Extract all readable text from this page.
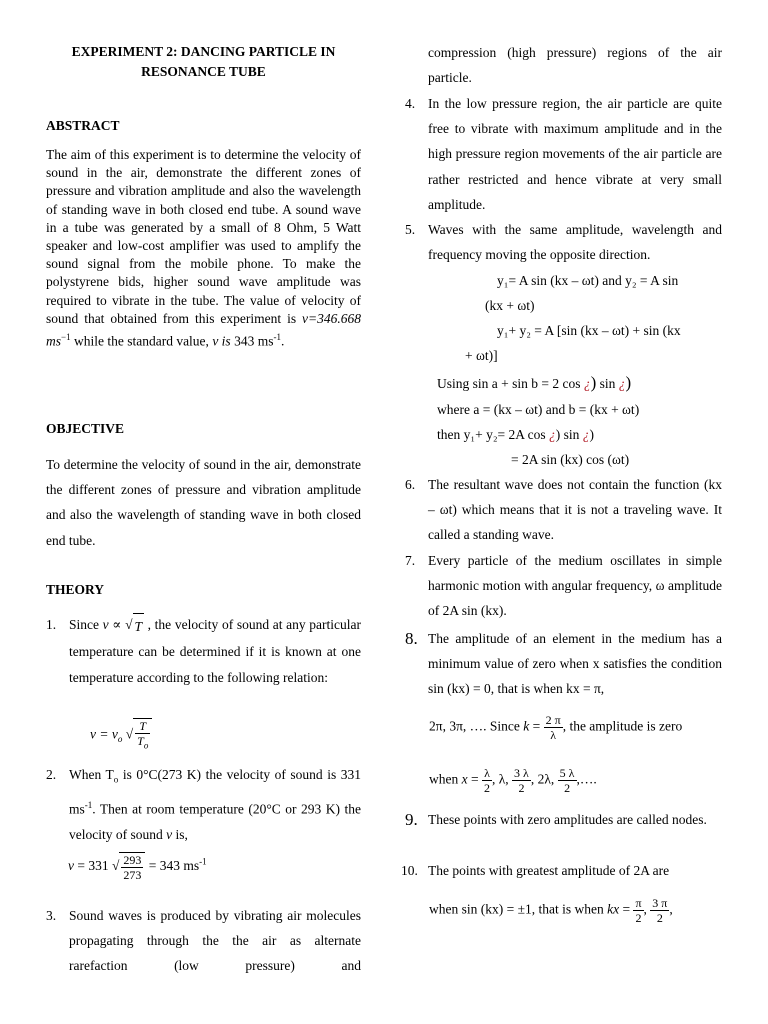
EXPERIMENT 2: DANCING PARTICLE IN RESONANCE TUBE
ABSTRACT
The aim of this experiment is to determine the velocity of sound in the air, demonstrate the different zones of pressure and vibration amplitude and also the wavelength of standing wave in both closed end tube. A sound wave in a tube was generated by a small of 8 Ohm, 5 Watt speaker and low-cost amplifier was used to amplify the sound signal from the mobile phone. To make the polystyrene bids, higher sound wave amplitude was required to vibrate in the tube. The value of velocity of sound that obtained from this experiment is v=346.668 $ms^{-1}$ while the standard value, v is 343 $ms^{-1}$.
OBJECTIVE
To determine the velocity of sound in the air, demonstrate the different zones of pressure and vibration amplitude and also the wavelength of standing wave in both closed end tube.
THEORY
1. Since v ∝ √ T , the velocity of sound at any particular temperature can be determined if it is known at one temperature according to the following relation:
$v = v_o$ √ $\frac{T}{T_o}$
2. When $T_o$ is 0°C(273 K) the velocity of sound is 331 $ms^{-1}$. Then at room temperature (20°C or 293 K) the velocity of sound v is,
v = 331 √ $\frac{293}{273} = 343$ $ms^{-1}$
3. Sound waves is produced by vibrating air molecules propagating through the the air as alternate rarefaction (low pressure) and
compression (high pressure) regions of the air particle.
4. In the low pressure region, the air particle are quite free to vibrate with maximum amplitude and in the high pressure region movements of the air particle are rather restricted and hence vibrate at very small amplitude.
5. Waves with the same amplitude, wavelength and frequency moving the opposite direction.
y₁= A sin (kx – ωt) and y₂ = A sin
(kx + ωt)
y₁+ y₂ = A [sin (kx – ωt) + sin (kx
+ ωt)]
Using sin a + sin b = 2 cos ¿) sin ¿)
where a = (kx – ωt) and b = (kx + ωt)
then y₁+ y₂= 2A cos ¿) sin ¿)
= 2A sin (kx) cos (ωt)
6. The resultant wave does not contain the function (kx – ωt) which means that it is not a traveling wave. It called a standing wave.
7. Every particle of the medium oscillates in simple harmonic motion with angular frequency, ω amplitude of 2A sin (kx).
8. The amplitude of an element in the medium has a minimum value of zero when x satisfies the condition sin (kx) = 0, that is when kx = π,
2π, 3π, …. Since $k = \frac{2 \pi}{\lambda}$ , the amplitude is zero
when $x = \frac{\lambda}{2}$ , λ, $\frac{3 \lambda}{2}$ , 2λ, $\frac{5 \lambda}{2}$ ,….
9. These points with zero amplitudes are called nodes.
10. The points with greatest amplitude of 2A are
when sin (kx) = ±1, that is when kx = $\frac{\pi}{2}$ , $\frac{3 \pi}{2}$ ,
